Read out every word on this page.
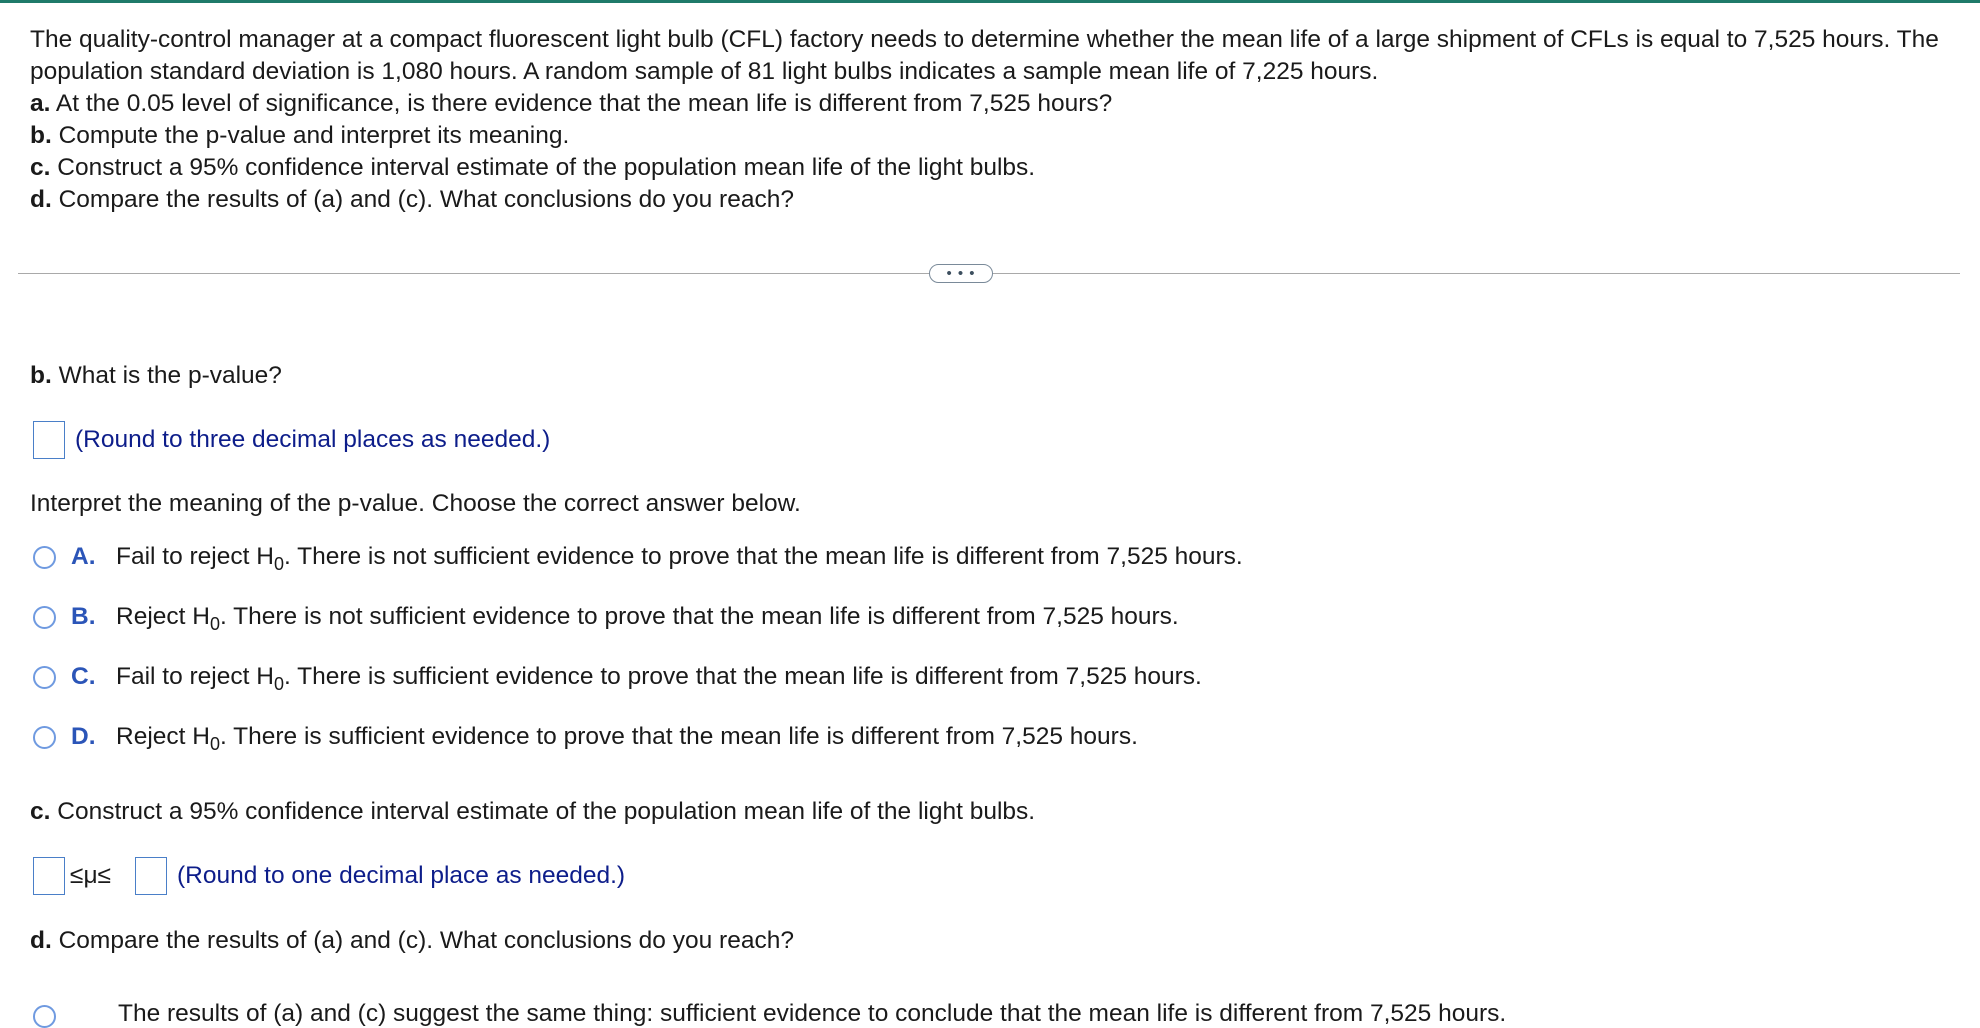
The quality-control manager at a compact fluorescent light bulb (CFL) factory needs to determine whether the mean life of a large shipment of CFLs is equal to 7,525 hours. The population standard deviation is 1,080 hours. A random sample of 81 light bulbs indicates a sample mean life of 7,225 hours.

a. At the 0.05 level of significance, is there evidence that the mean life is different from 7,525 hours?

b. Compute the p-value and interpret its meaning.

c. Construct a 95% confidence interval estimate of the population mean life of the light bulbs.

d. Compare the results of (a) and (c). What conclusions do you reach?

• • •
b. What is the p-value?
(Round to three decimal places as needed.)
Interpret the meaning of the p-value. Choose the correct answer below.
A. Fail to reject $H_0$. There is not sufficient evidence to prove that the mean life is different from 7,525 hours.
B. Reject $H_0$. There is not sufficient evidence to prove that the mean life is different from 7,525 hours.
C. Fail to reject $H_0$. There is sufficient evidence to prove that the mean life is different from 7,525 hours.
D. Reject $H_0$. There is sufficient evidence to prove that the mean life is different from 7,525 hours.
c. Construct a 95% confidence interval estimate of the population mean life of the light bulbs.
≤μ≤	(Round to one decimal place as needed.)
d. Compare the results of (a) and (c). What conclusions do you reach?
The results of (a) and (c) suggest the same thing: sufficient evidence to conclude that the mean life is different from 7,525 hours.
